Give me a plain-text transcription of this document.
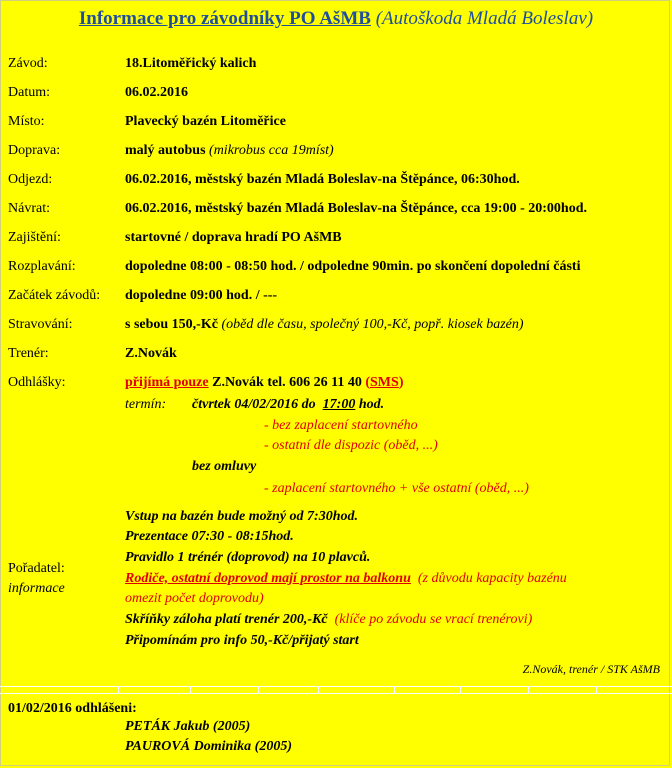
Informace pro závodníky PO AšMB (Autoškoda Mladá Boleslav)
Závod:	18.Litoměřický kalich
Datum:	06.02.2016
Místo:	Plavecký bazén Litoměřice
Doprava:	malý autobus (mikrobus cca 19míst)
Odjezd:	06.02.2016, městský bazén Mladá Boleslav-na Štěpánce, 06:30hod.
Návrat:	06.02.2016, městský bazén Mladá Boleslav-na Štěpánce, cca 19:00 - 20:00hod.
Zajištění:	startovné / doprava hradí PO AšMB
Rozplavání:	dopoledne 08:00 - 08:50 hod. / odpoledne 90min. po skončení dopolední části
Začátek závodů: dopoledne 09:00 hod. / ---
Stravování:	s sebou 150,-Kč (oběd dle času, společný 100,-Kč, popř. kiosek bazén)
Trenér:	Z.Novák
Odhlášky:	přijímá pouze Z.Novák tel. 606 26 11 40 (SMS)
termín: čtvrtek 04/02/2016 do 17:00 hod.
- bez zaplacení startovného
- ostatní dle dispozic (oběd, ...)
bez omluvy
- zaplacení startovného + vše ostatní (oběd, ...)
Pořadatel:
informace
Vstup na bazén bude možný od 7:30hod.
Prezentace 07:30 - 08:15hod.
Pravidlo 1 trénér (doprovod) na 10 plavců.
Rodiče, ostatní doprovod mají prostor na balkonu (z důvodu kapacity bazénu
omezit počet doprovodu)
Skříňky záloha platí trenér 200,-Kč (klíče po závodu se vrací trenérovi)
Připomínám pro info 50,-Kč/přijatý start
Z.Novák, trenér / STK AšMB
01/02/2016 odhlášeni:
PETÁK Jakub (2005)
PAUROVÁ Dominika (2005)
